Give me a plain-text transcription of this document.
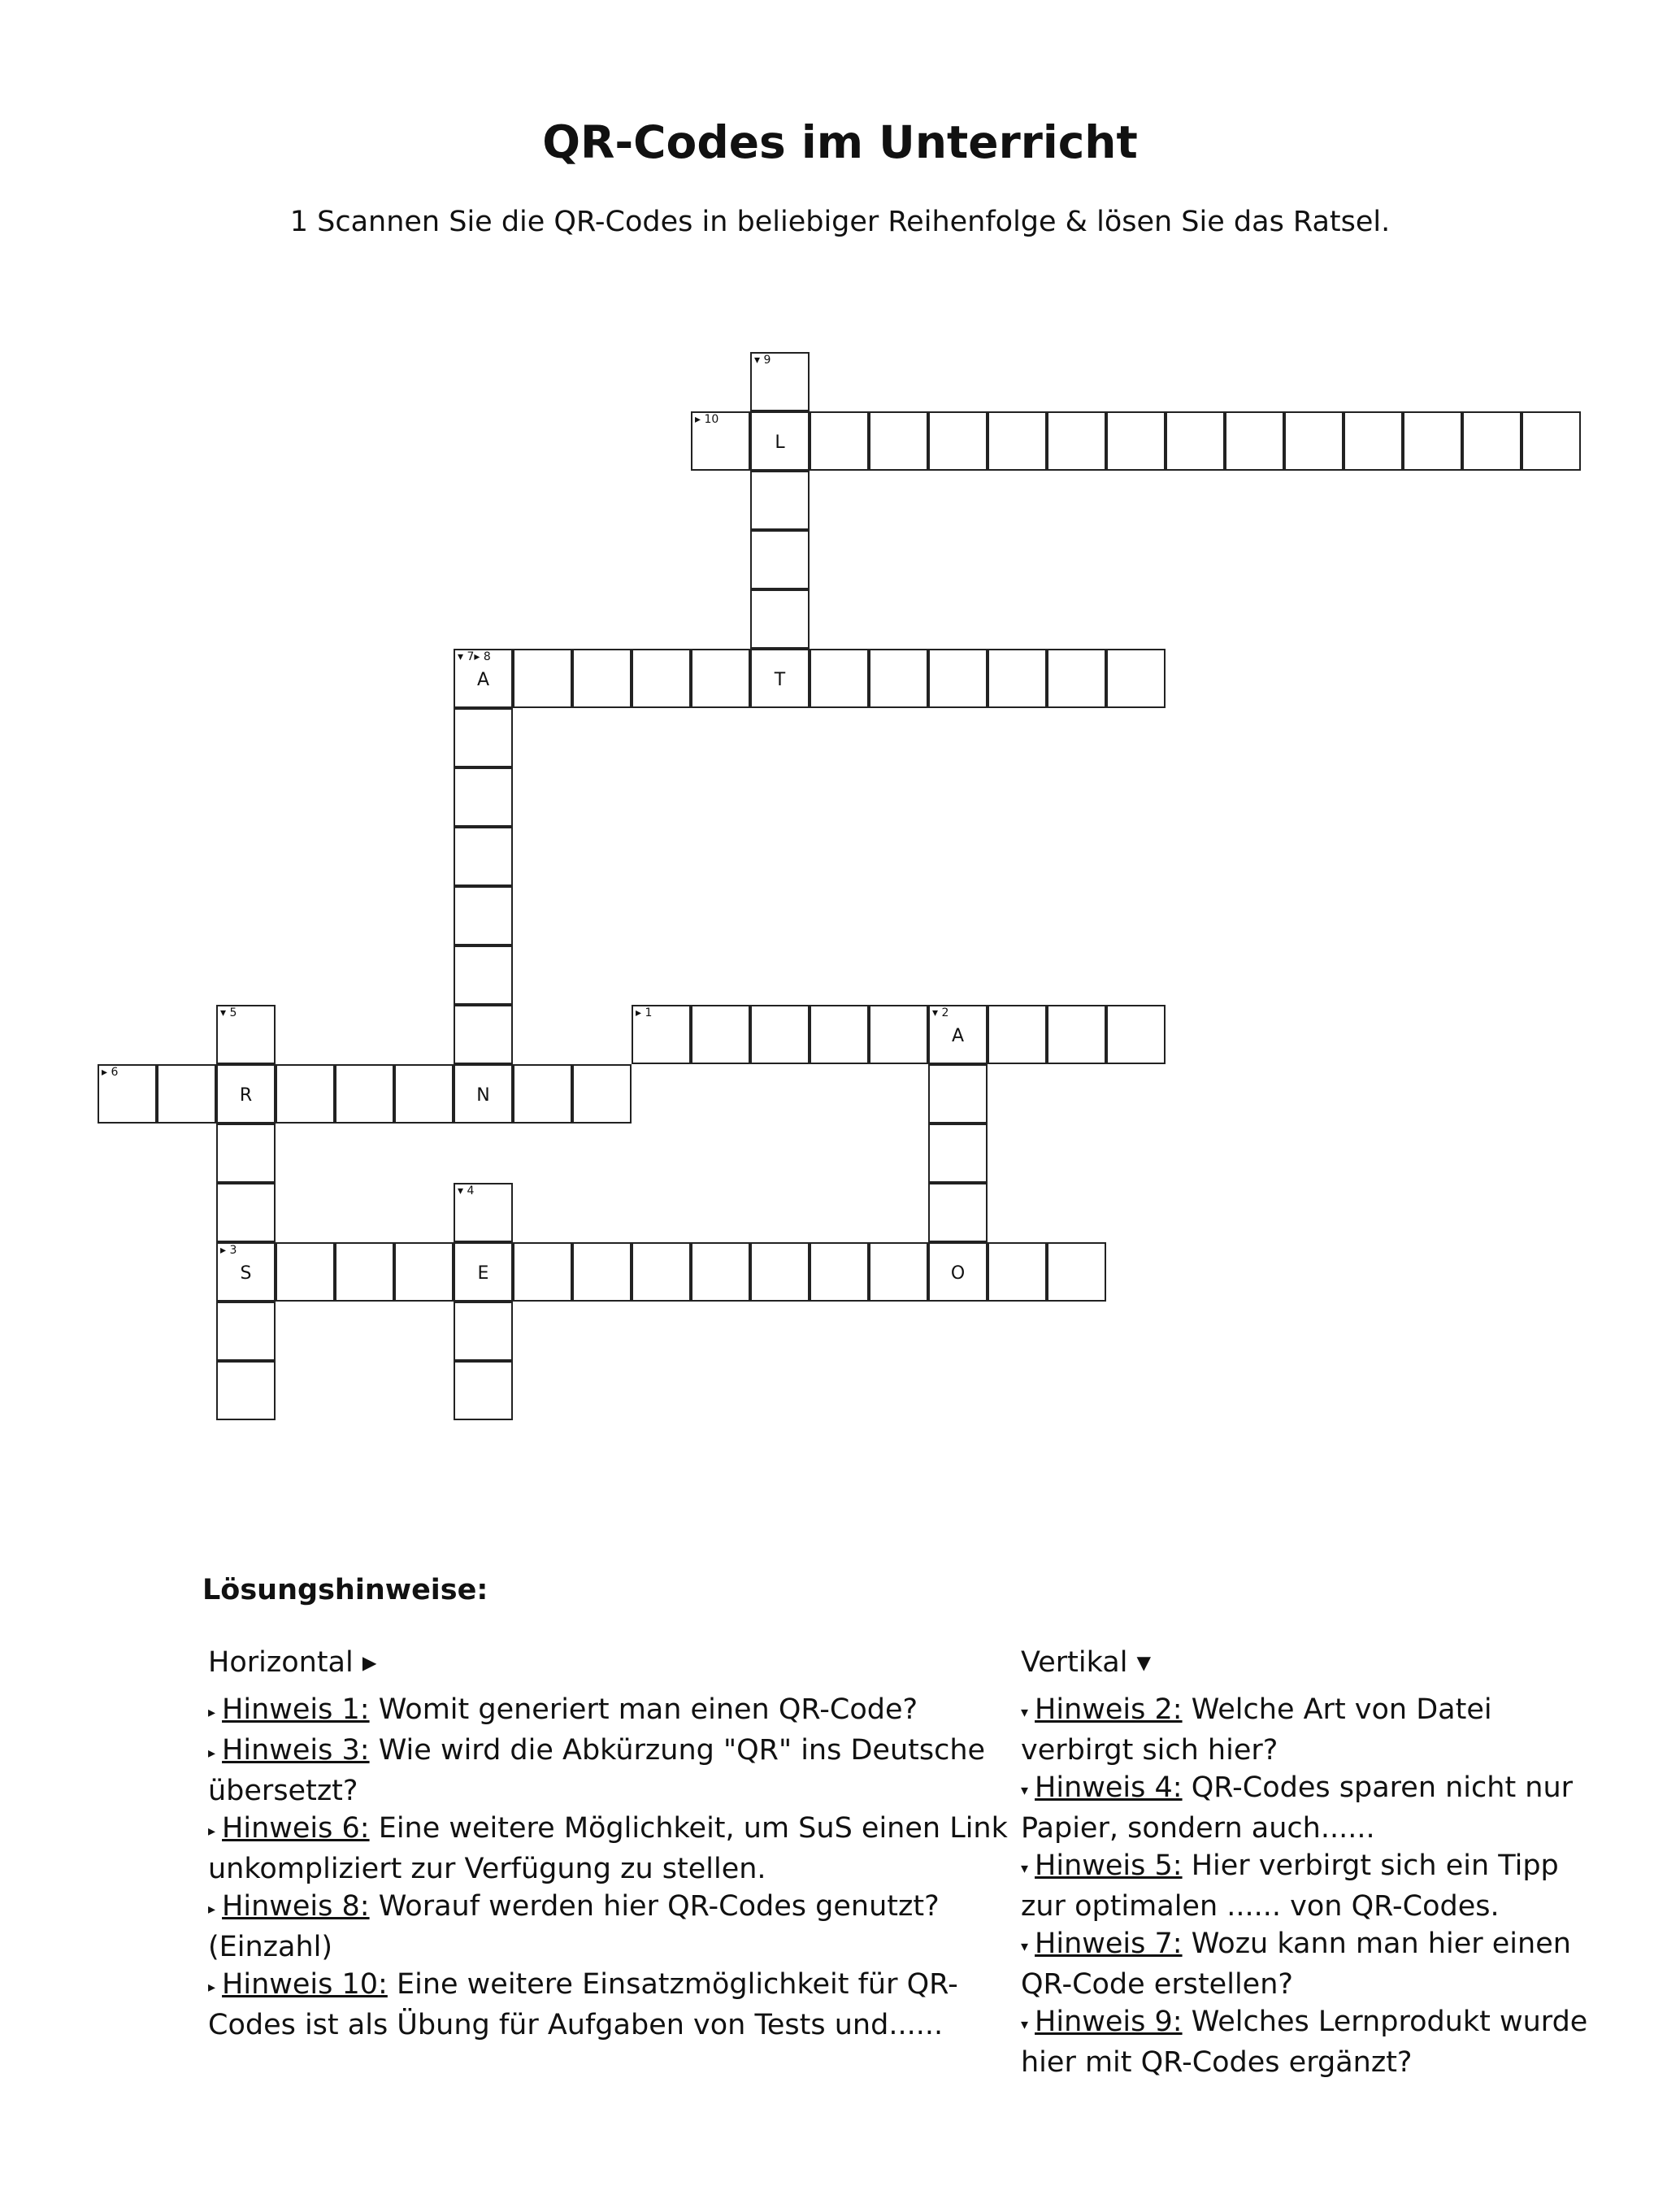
QR-Codes im Unterricht
1 Scannen Sie die QR-Codes in beliebiger Reihenfolge & lösen Sie das Ratsel.
▸ 10
L
▾ 9
T
▾ 7▸ 8
A
N
▸ 1	▾ 2
A
O
▾ 5
R
▸ 3
S
▸ 6
▾ 4
E
Lösungshinweise:
Horizontal ▸
▸ Hinweis 1: Womit generiert man einen QR-Code?
▸ Hinweis 3: Wie wird die Abkürzung "QR" ins Deutsche übersetzt?
▸ Hinweis 6: Eine weitere Möglichkeit, um SuS einen Link unkompliziert zur Verfügung zu stellen.
▸ Hinweis 8: Worauf werden hier QR-Codes genutzt? (Einzahl)
▸ Hinweis 10: Eine weitere Einsatzmöglichkeit für QR-Codes ist als Übung für Aufgaben von Tests und......
Vertikal ▾
▾ Hinweis 2: Welche Art von Datei verbirgt sich hier?
▾ Hinweis 4: QR-Codes sparen nicht nur Papier, sondern auch......
▾ Hinweis 5: Hier verbirgt sich ein Tipp zur optimalen ...... von QR-Codes.
▾ Hinweis 7: Wozu kann man hier einen QR-Code erstellen?
▾ Hinweis 9: Welches Lernprodukt wurde hier mit QR-Codes ergänzt?
